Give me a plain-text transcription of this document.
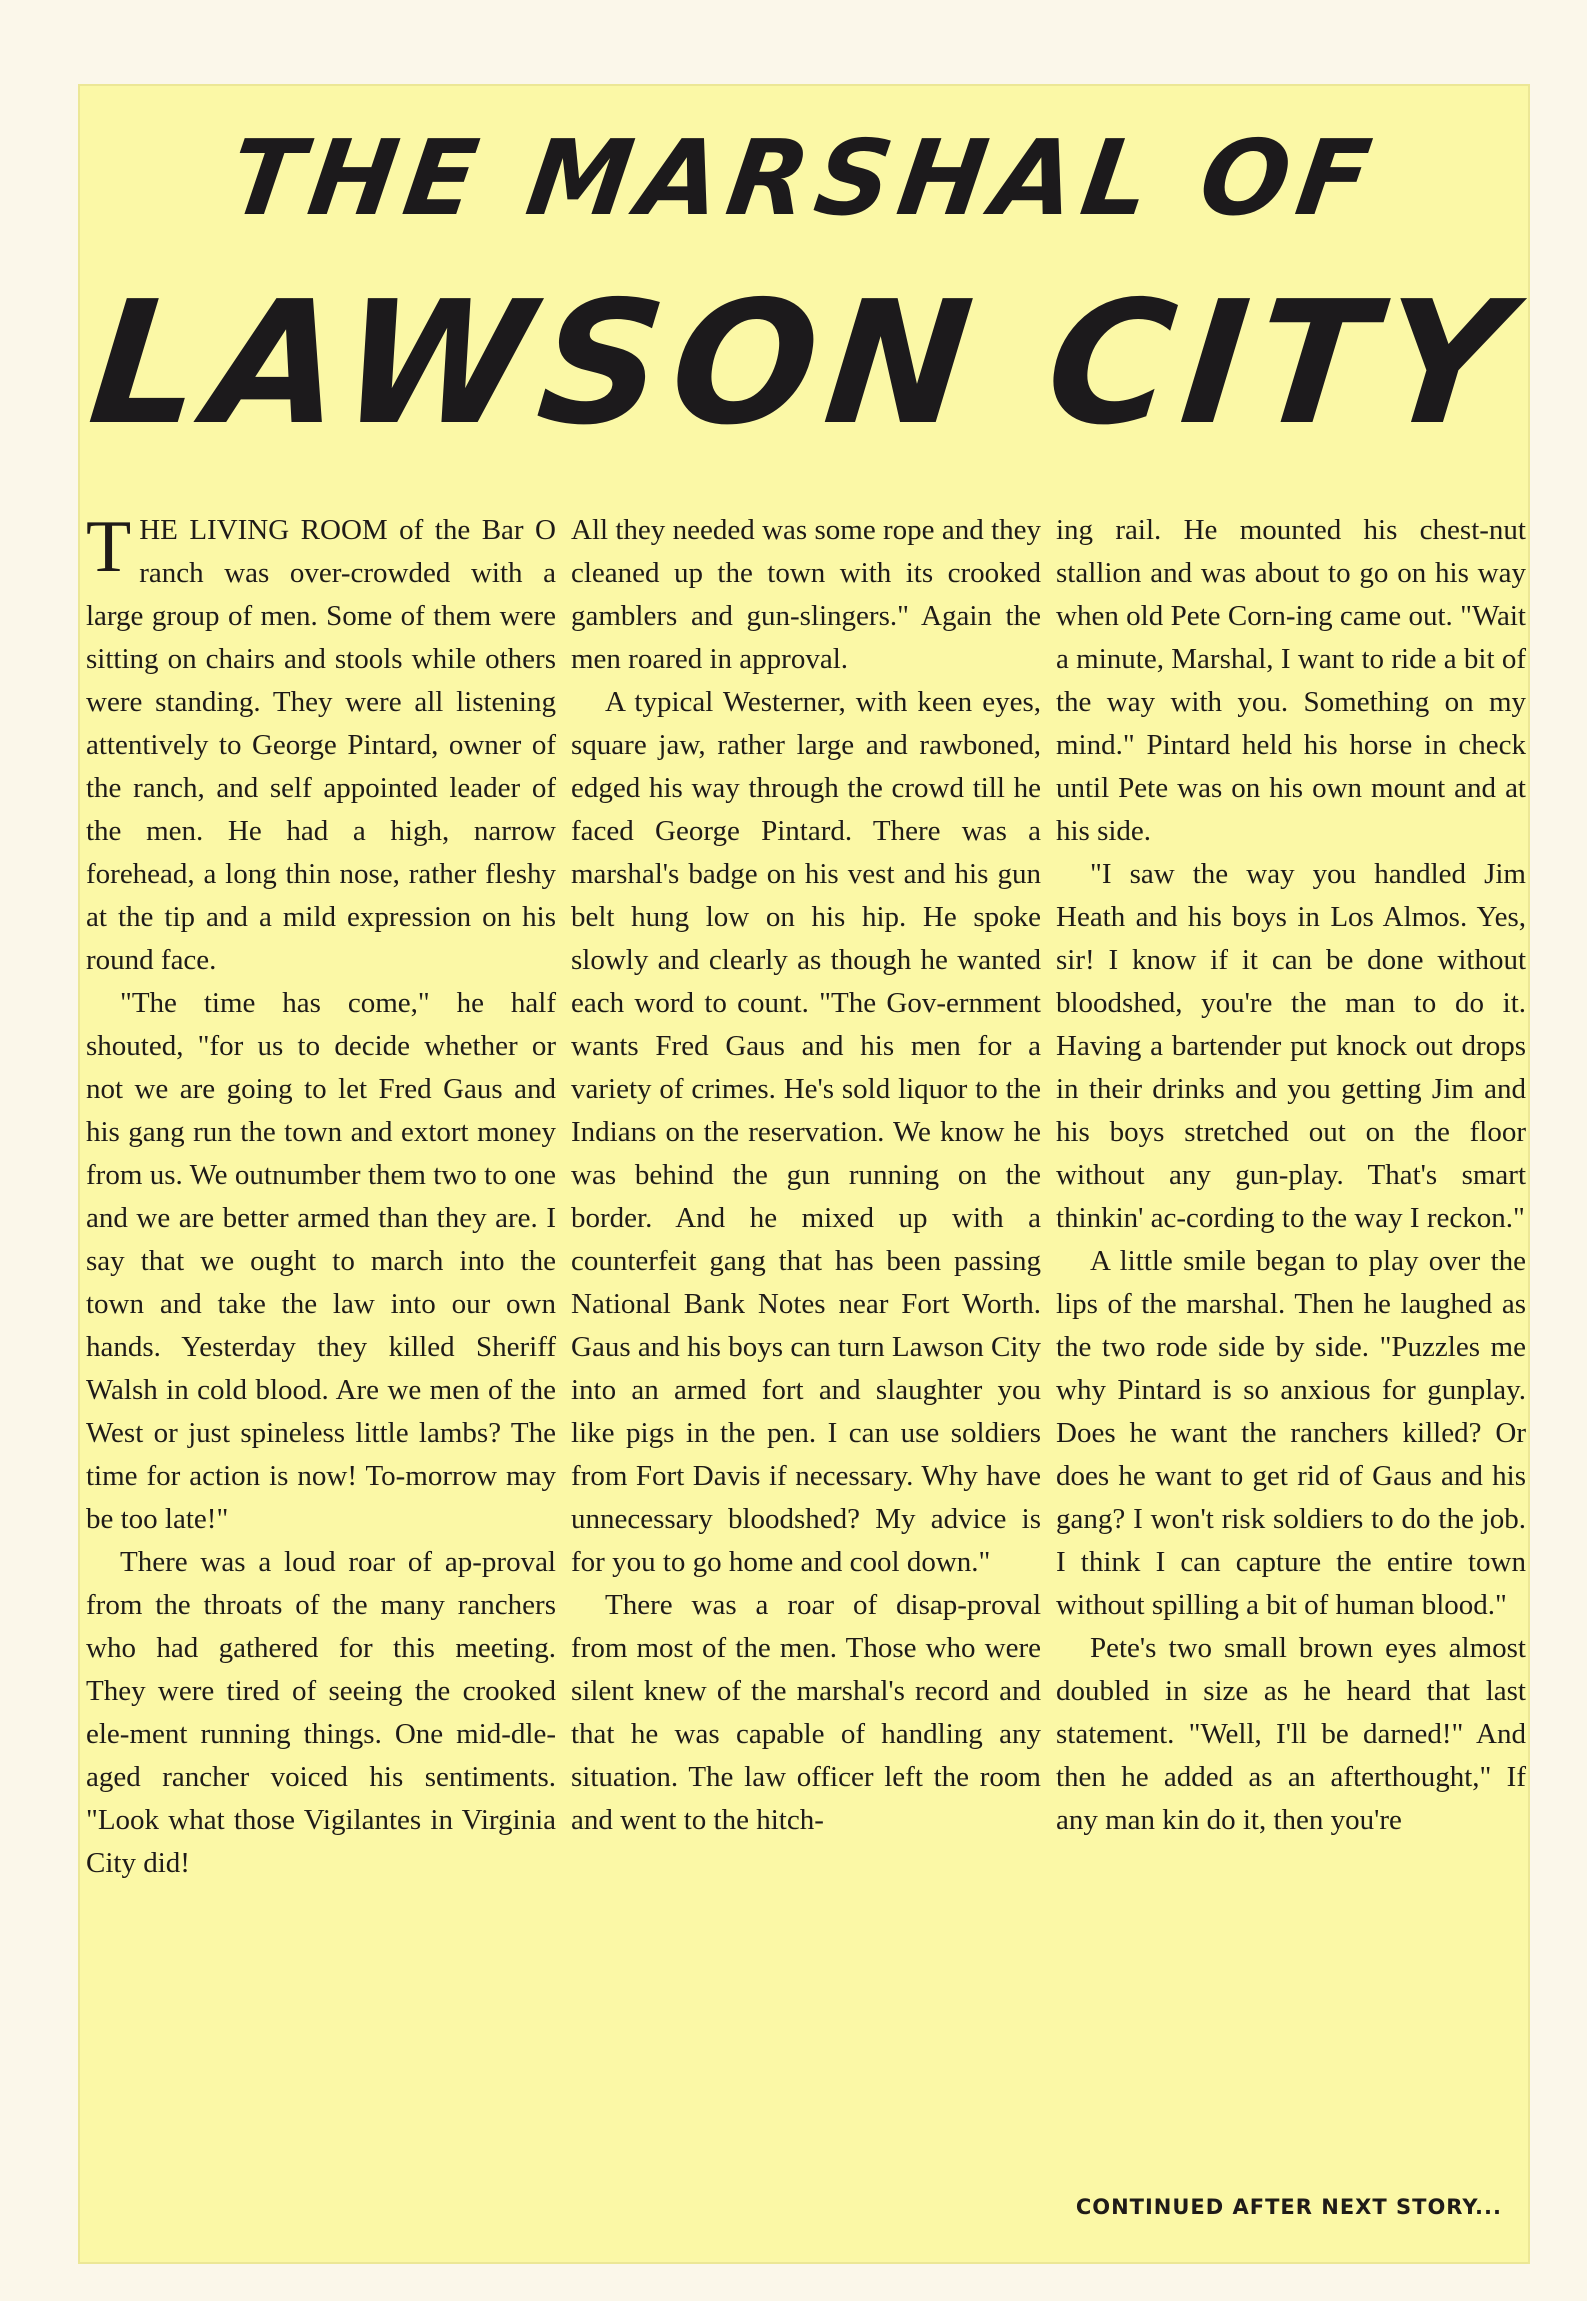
THE MARSHAL OF
LAWSON CITY

T HE LIVING ROOM of the Bar O ranch was over-crowded with a large group of men. Some of them were sitting on chairs and stools while others were standing. They were all listening attentively to George Pintard, owner of the ranch, and self appointed leader of the men. He had a high, narrow forehead, a long thin nose, rather fleshy at the tip and a mild expression on his round face.

"The time has come," he half shouted, "for us to decide whether or not we are going to let Fred Gaus and his gang run the town and extort money from us. We outnumber them two to one and we are better armed than they are. I say that we ought to march into the town and take the law into our own hands. Yesterday they killed Sheriff Walsh in cold blood. Are we men of the West or just spineless little lambs? The time for action is now! To-morrow may be too late!"

There was a loud roar of ap-proval from the throats of the many ranchers who had gathered for this meeting. They were tired of seeing the crooked ele-ment running things. One mid-dle-aged rancher voiced his sentiments. "Look what those Vigilantes in Virginia City did!

All they needed was some rope and they cleaned up the town with its crooked gamblers and gun-slingers." Again the men roared in approval.

A typical Westerner, with keen eyes, square jaw, rather large and rawboned, edged his way through the crowd till he faced George Pintard. There was a marshal's badge on his vest and his gun belt hung low on his hip. He spoke slowly and clearly as though he wanted each word to count. "The Gov-ernment wants Fred Gaus and his men for a variety of crimes. He's sold liquor to the Indians on the reservation. We know he was behind the gun running on the border. And he mixed up with a counterfeit gang that has been passing National Bank Notes near Fort Worth. Gaus and his boys can turn Lawson City into an armed fort and slaughter you like pigs in the pen. I can use soldiers from Fort Davis if necessary. Why have unnecessary bloodshed? My advice is for you to go home and cool down."

There was a roar of disap-proval from most of the men. Those who were silent knew of the marshal's record and that he was capable of handling any situation. The law officer left the room and went to the hitch-

ing rail. He mounted his chest-nut stallion and was about to go on his way when old Pete Corn-ing came out. "Wait a minute, Marshal, I want to ride a bit of the way with you. Something on my mind." Pintard held his horse in check until Pete was on his own mount and at his side.

"I saw the way you handled Jim Heath and his boys in Los Almos. Yes, sir! I know if it can be done without bloodshed, you're the man to do it. Having a bartender put knock out drops in their drinks and you getting Jim and his boys stretched out on the floor without any gun-play. That's smart thinkin' ac-cording to the way I reckon."

A little smile began to play over the lips of the marshal. Then he laughed as the two rode side by side. "Puzzles me why Pintard is so anxious for gunplay. Does he want the ranchers killed? Or does he want to get rid of Gaus and his gang? I won't risk soldiers to do the job. I think I can capture the entire town without spilling a bit of human blood."

Pete's two small brown eyes almost doubled in size as he heard that last statement. "Well, I'll be darned!" And then he added as an afterthought," If any man kin do it, then you're

CONTINUED AFTER NEXT STORY...
